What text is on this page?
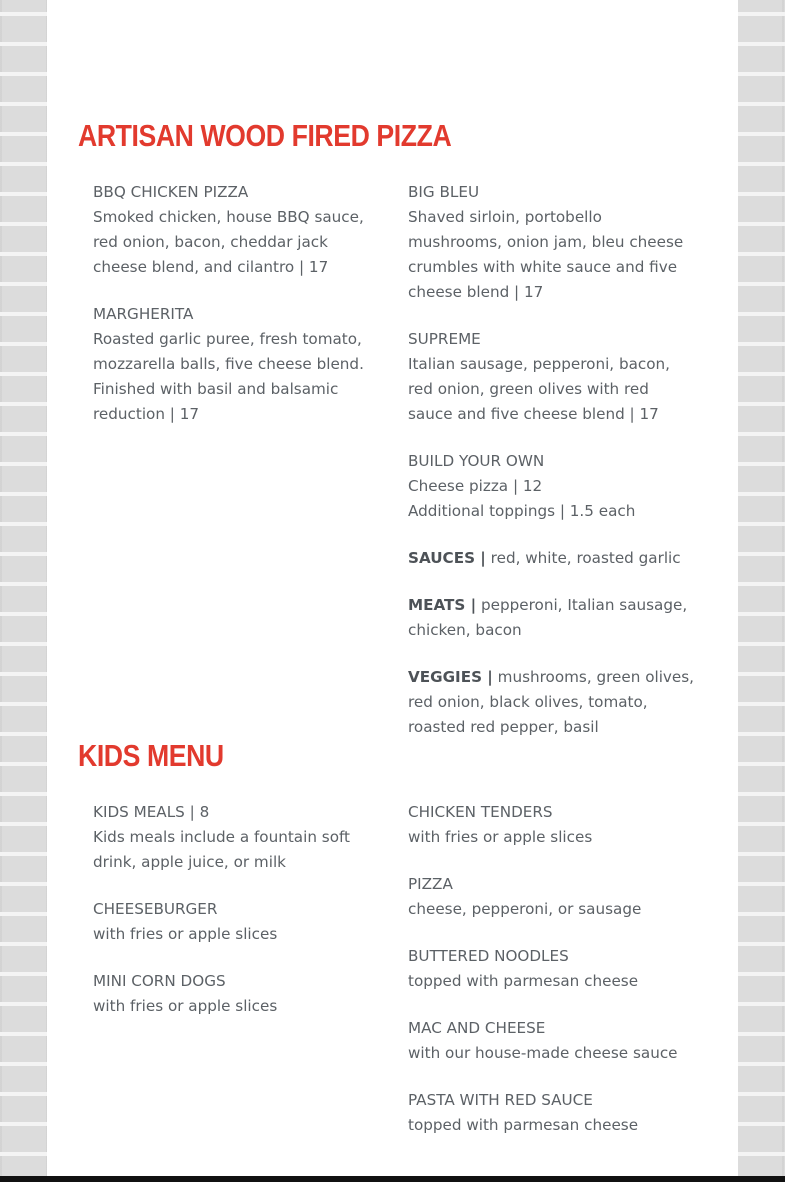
ARTISAN WOOD FIRED PIZZA
BBQ CHICKEN PIZZA
Smoked chicken, house BBQ sauce, red onion, bacon, cheddar jack cheese blend, and cilantro | 17
MARGHERITA
Roasted garlic puree, fresh tomato, mozzarella balls, five cheese blend. Finished with basil and balsamic reduction | 17
BIG BLEU
Shaved sirloin, portobello mushrooms, onion jam, bleu cheese crumbles with white sauce and five cheese blend | 17
SUPREME
Italian sausage, pepperoni, bacon, red onion, green olives with red sauce and five cheese blend | 17
BUILD YOUR OWN
Cheese pizza | 12
Additional toppings | 1.5 each
SAUCES | red, white, roasted garlic
MEATS | pepperoni, Italian sausage, chicken, bacon
VEGGIES | mushrooms, green olives, red onion, black olives, tomato, roasted red pepper, basil
KIDS MENU
KIDS MEALS | 8
Kids meals include a fountain soft drink, apple juice, or milk
CHEESEBURGER
with fries or apple slices
MINI CORN DOGS
with fries or apple slices
CHICKEN TENDERS
with fries or apple slices
PIZZA
cheese, pepperoni, or sausage
BUTTERED NOODLES
topped with parmesan cheese
MAC AND CHEESE
with our house-made cheese sauce
PASTA WITH RED SAUCE
topped with parmesan cheese
